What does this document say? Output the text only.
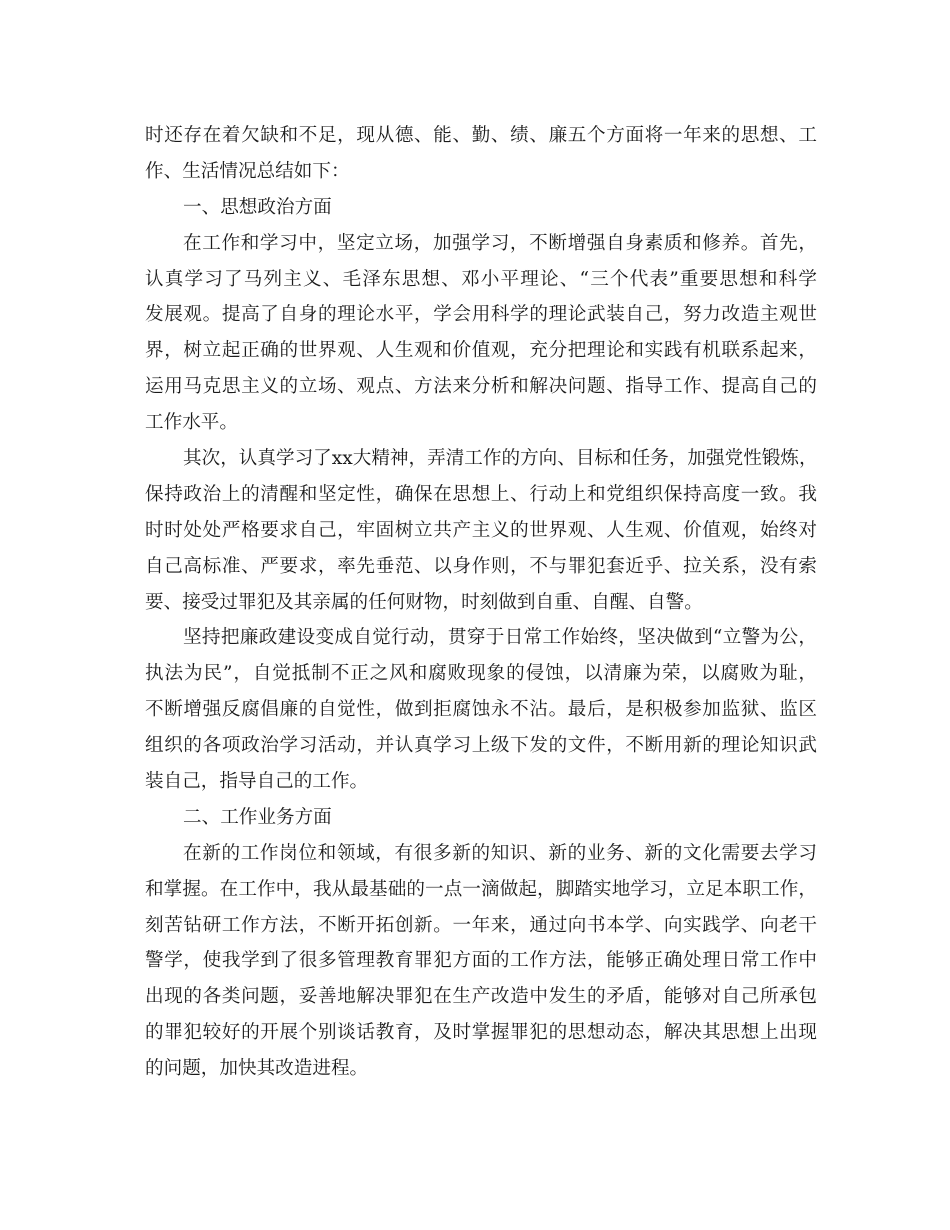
时还存在着欠缺和不足，现从德、能、勤、绩、廉五个方面将一年来的思想、工
作、生活情况总结如下：
一、思想政治方面
在工作和学习中，坚定立场，加强学习，不断增强自身素质和修养。首先，
认真学习了马列主义、毛泽东思想、邓小平理论、“三个代表”重要思想和科学
发展观。提高了自身的理论水平，学会用科学的理论武装自己，努力改造主观世
界，树立起正确的世界观、人生观和价值观，充分把理论和实践有机联系起来，
运用马克思主义的立场、观点、方法来分析和解决问题、指导工作、提高自己的
工作水平。
其次，认真学习了xx大精神，弄清工作的方向、目标和任务，加强党性锻炼，
保持政治上的清醒和坚定性，确保在思想上、行动上和党组织保持高度一致。我
时时处处严格要求自己，牢固树立共产主义的世界观、人生观、价值观，始终对
自己高标准、严要求，率先垂范、以身作则，不与罪犯套近乎、拉关系，没有索
要、接受过罪犯及其亲属的任何财物，时刻做到自重、自醒、自警。
坚持把廉政建设变成自觉行动，贯穿于日常工作始终，坚决做到“立警为公，
执法为民”，自觉抵制不正之风和腐败现象的侵蚀，以清廉为荣，以腐败为耻，
不断增强反腐倡廉的自觉性，做到拒腐蚀永不沾。最后，是积极参加监狱、监区
组织的各项政治学习活动，并认真学习上级下发的文件，不断用新的理论知识武
装自己，指导自己的工作。
二、工作业务方面
在新的工作岗位和领域，有很多新的知识、新的业务、新的文化需要去学习
和掌握。在工作中，我从最基础的一点一滴做起，脚踏实地学习，立足本职工作，
刻苦钻研工作方法，不断开拓创新。一年来，通过向书本学、向实践学、向老干
警学，使我学到了很多管理教育罪犯方面的工作方法，能够正确处理日常工作中
出现的各类问题，妥善地解决罪犯在生产改造中发生的矛盾，能够对自己所承包
的罪犯较好的开展个别谈话教育，及时掌握罪犯的思想动态，解决其思想上出现
的问题，加快其改造进程。
